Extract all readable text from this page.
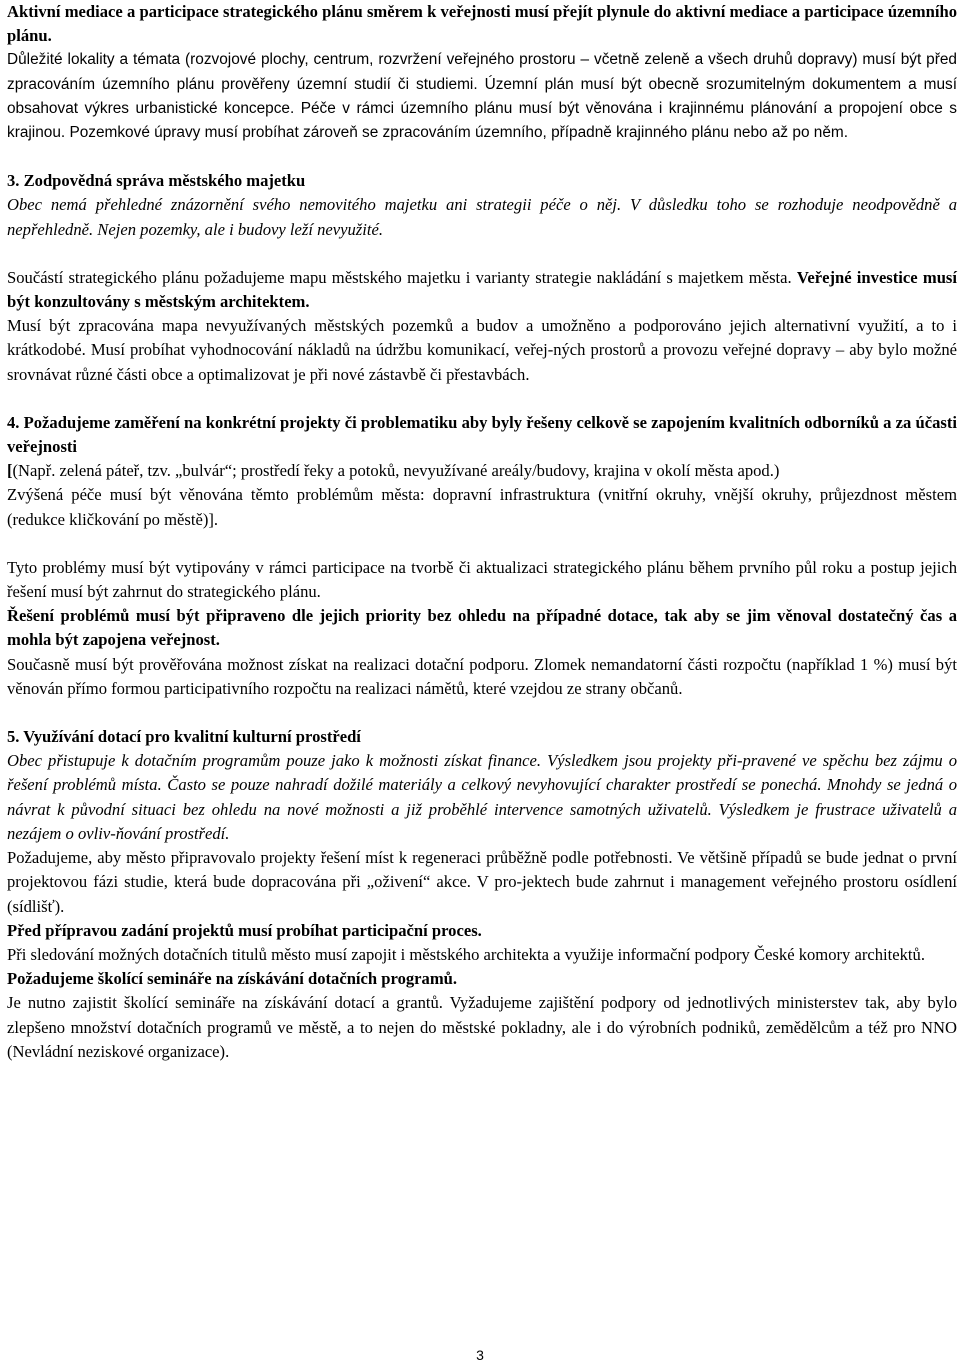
Aktivní mediace a participace strategického plánu směrem k veřejnosti musí přejít plynule do aktivní mediace a participace územního plánu.

Důležité lokality a témata (rozvojové plochy, centrum, rozvržení veřejného prostoru – včetně zeleně a všech druhů dopravy) musí být před zpracováním územního plánu prověřeny územní studií či studiemi. Územní plán musí být obecně srozumitelným dokumentem a musí obsahovat výkres urbanistické koncepce. Péče v rámci územního plánu musí být věnována i krajinnému plánování a propojení obce s krajinou. Pozemkové úpravy musí probíhat zároveň se zpracováním územního, případně krajinného plánu nebo až po něm.

3. Zodpovědná správa městského majetku

Obec nemá přehledné znázornění svého nemovitého majetku ani strategii péče o něj. V důsledku toho se rozhoduje neodpovědně a nepřehledně. Nejen pozemky, ale i budovy leží nevyužité.

Součástí strategického plánu požadujeme mapu městského majetku i varianty strategie nakládání s majetkem města. Veřejné investice musí být konzultovány s městským architektem.

Musí být zpracována mapa nevyužívaných městských pozemků a budov a umožněno a podporováno jejich alternativní využití, a to i krátkodobé. Musí probíhat vyhodnocování nákladů na údržbu komunikací, veřej-ných prostorů a provozu veřejné dopravy – aby bylo možné srovnávat různé části obce a optimalizovat je při nové zástavbě či přestavbách.

4. Požadujeme zaměření na konkrétní projekty či problematiku aby byly řešeny celkově se zapojením kvalitních odborníků a za účasti veřejnosti

[(Např. zelená páteř, tzv. „bulvár“; prostředí řeky a potoků, nevyužívané areály/budovy, krajina v okolí města apod.)

Zvýšená péče musí být věnována těmto problémům města: dopravní infrastruktura (vnitřní okruhy, vnější okruhy, průjezdnost městem (redukce kličkování po městě)].

Tyto problémy musí být vytipovány v rámci participace na tvorbě či aktualizaci strategického plánu během prvního půl roku a postup jejich řešení musí být zahrnut do strategického plánu.

Řešení problémů musí být připraveno dle jejich priority bez ohledu na případné dotace, tak aby se jim věnoval dostatečný čas a mohla být zapojena veřejnost.

Současně musí být prověřována možnost získat na realizaci dotační podporu. Zlomek nemandatorní části rozpočtu (například 1 %) musí být věnován přímo formou participativního rozpočtu na realizaci námětů, které vzejdou ze strany občanů.

5. Využívání dotací pro kvalitní kulturní prostředí

Obec přistupuje k dotačním programům pouze jako k možnosti získat finance. Výsledkem jsou projekty při-pravené ve spěchu bez zájmu o řešení problémů místa. Často se pouze nahradí dožilé materiály a celkový nevyhovující charakter prostředí se ponechá. Mnohdy se jedná o návrat k původní situaci bez ohledu na nové možnosti a již proběhlé intervence samotných uživatelů. Výsledkem je frustrace uživatelů a nezájem o ovliv-ňování prostředí.

Požadujeme, aby město připravovalo projekty řešení míst k regeneraci průběžně podle potřebnosti. Ve většině případů se bude jednat o první projektovou fázi studie, která bude dopracována při „oživení“ akce. V pro-jektech bude zahrnut i management veřejného prostoru osídlení (sídlišť).

Před přípravou zadání projektů musí probíhat participační proces.

Při sledování možných dotačních titulů město musí zapojit i městského architekta a využije informační podpory České komory architektů.

Požadujeme školící semináře na získávání dotačních programů.

Je nutno zajistit školící semináře na získávání dotací a grantů. Vyžadujeme zajištění podpory od jednotlivých ministerstev tak, aby bylo zlepšeno množství dotačních programů ve městě, a to nejen do městské pokladny, ale i do výrobních podniků, zemědělcům a též pro NNO (Nevládní neziskové organizace).

3
